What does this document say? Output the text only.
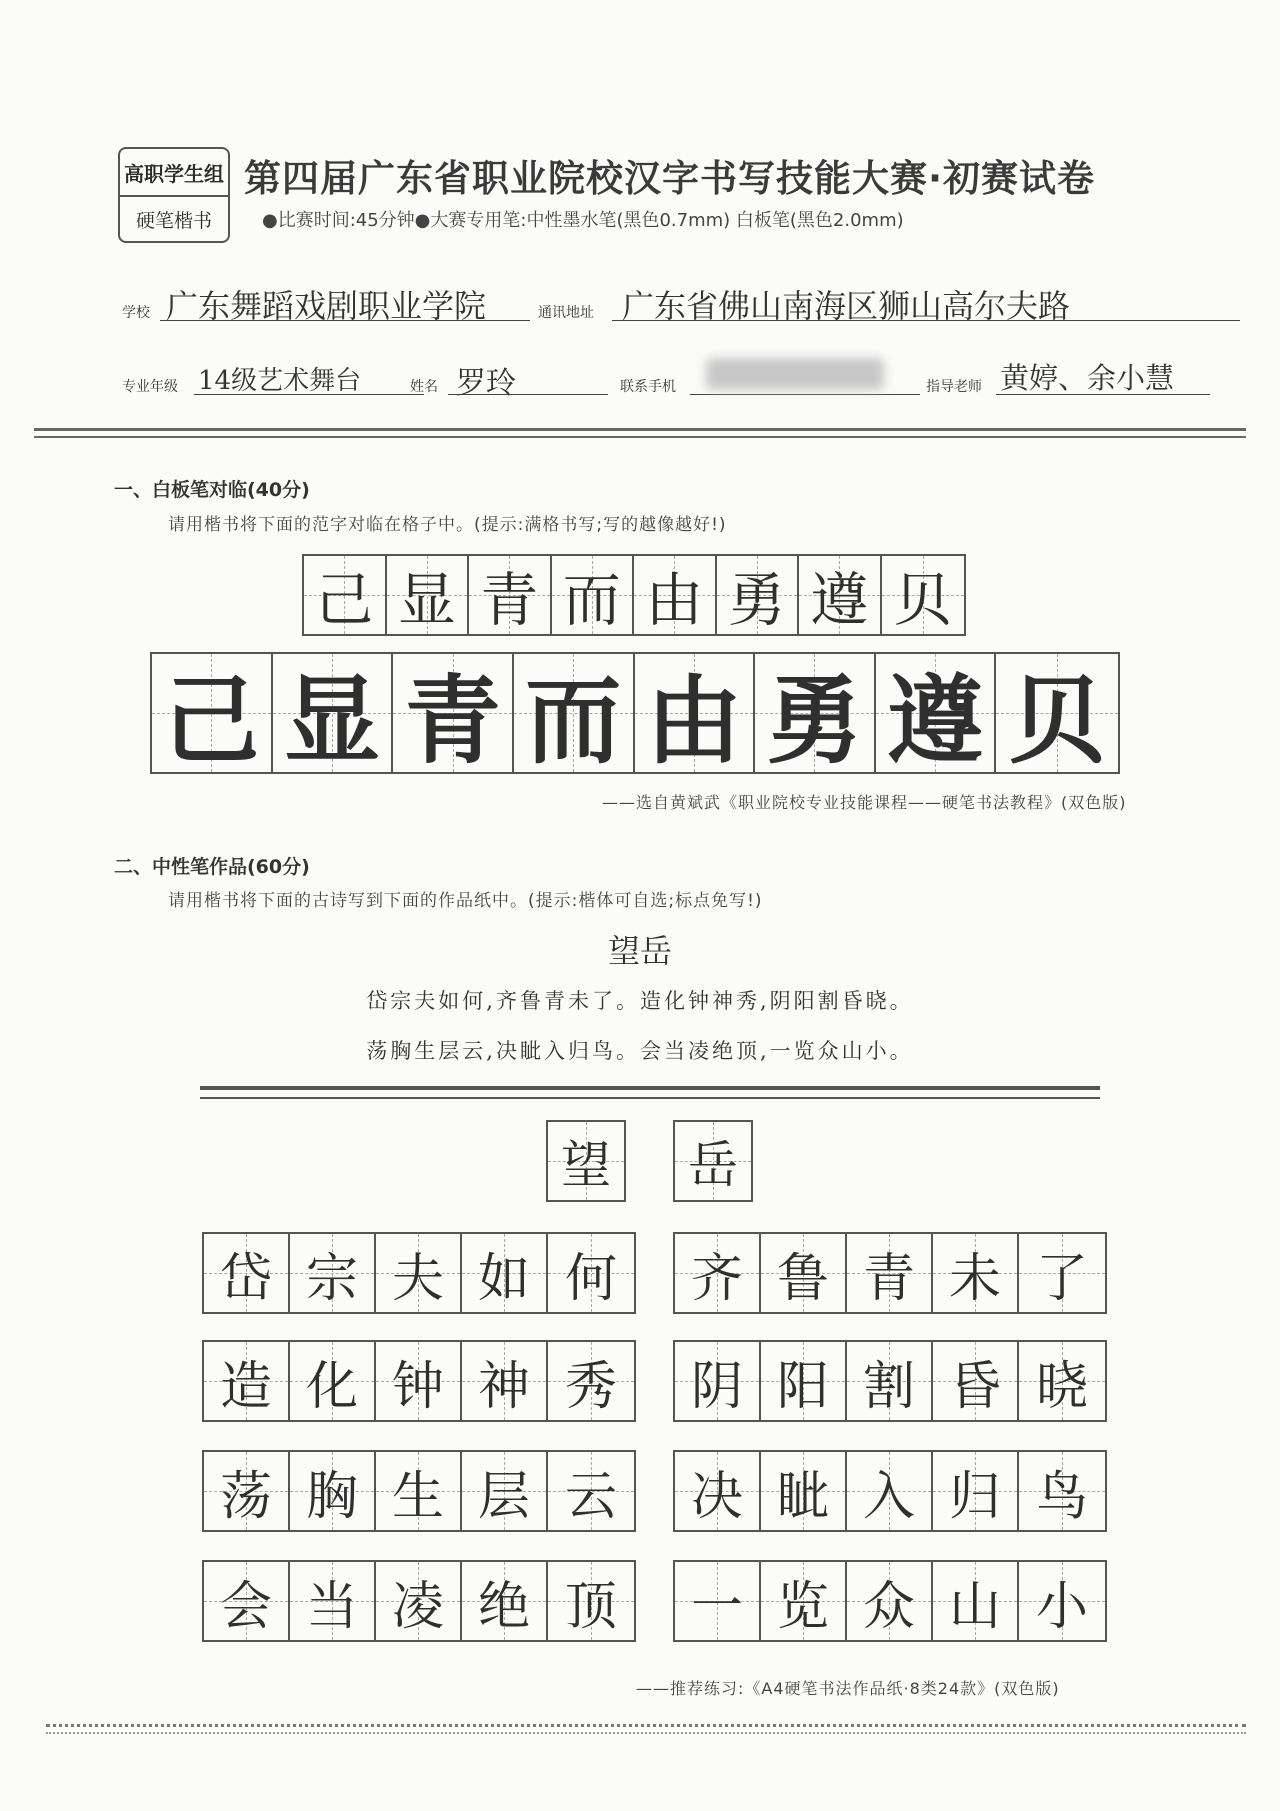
高职学生组
硬笔楷书
第四届广东省职业院校汉字书写技能大赛·初赛试卷
●比赛时间:45分钟●大赛专用笔:中性墨水笔(黑色0.7mm) 白板笔(黑色2.0mm)
学校 广东舞蹈戏剧职业学院	通讯地址 广东省佛山南海区狮山高尔夫路
专业年级 14级艺术舞台	姓名 罗玲	联系手机	指导老师 黄婷、余小慧
一、白板笔对临(40分)
请用楷书将下面的范字对临在格子中。(提示:满格书写;写的越像越好!)
己 显 青 而 由 勇 遵 贝
己 显 青 而 由 勇 遵 贝
——选自黄斌武《职业院校专业技能课程——硬笔书法教程》(双色版)
二、中性笔作品(60分)
请用楷书将下面的古诗写到下面的作品纸中。(提示:楷体可自选;标点免写!)
望岳
岱宗夫如何,齐鲁青未了。造化钟神秀,阴阳割昏晓。
荡胸生层云,决眦入归鸟。会当凌绝顶,一览众山小。
望 岳
岱 宗 夫 如 何 齐 鲁 青 未 了
造 化 钟 神 秀 阴 阳 割 昏 晓
荡 胸 生 层 云 决 眦 入 归 鸟
会 当 凌 绝 顶 一 览 众 山 小
——推荐练习:《A4硬笔书法作品纸·8类24款》(双色版)
